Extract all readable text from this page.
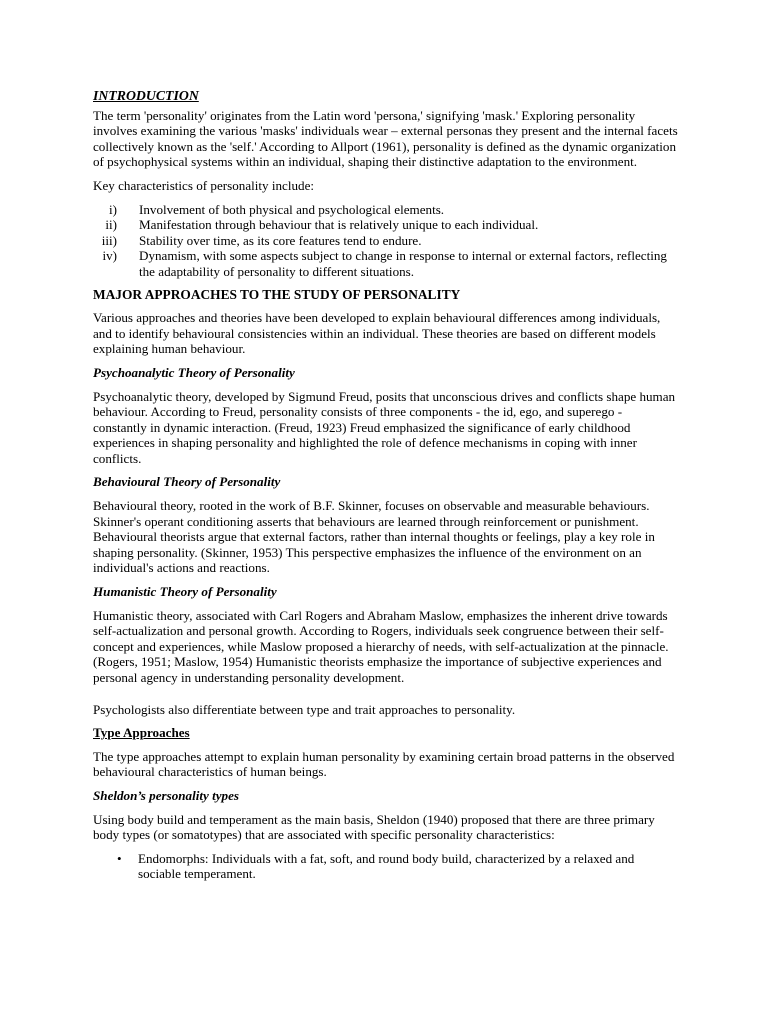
INTRODUCTION

The term 'personality' originates from the Latin word 'persona,' signifying 'mask.' Exploring personality involves examining the various 'masks' individuals wear – external personas they present and the internal facets collectively known as the 'self.' According to Allport (1961), personality is defined as the dynamic organization of psychophysical systems within an individual, shaping their distinctive adaptation to the environment.

Key characteristics of personality include:

i)	Involvement of both physical and psychological elements.
ii)	Manifestation through behaviour that is relatively unique to each individual.
iii)	Stability over time, as its core features tend to endure.
iv)	Dynamism, with some aspects subject to change in response to internal or external factors, reflecting the adaptability of personality to different situations.

MAJOR APPROACHES TO THE STUDY OF PERSONALITY

Various approaches and theories have been developed to explain behavioural differences among individuals, and to identify behavioural consistencies within an individual. These theories are based on different models explaining human behaviour.

Psychoanalytic Theory of Personality

Psychoanalytic theory, developed by Sigmund Freud, posits that unconscious drives and conflicts shape human behaviour. According to Freud, personality consists of three components - the id, ego, and superego - constantly in dynamic interaction. (Freud, 1923) Freud emphasized the significance of early childhood experiences in shaping personality and highlighted the role of defence mechanisms in coping with inner conflicts.

Behavioural Theory of Personality

Behavioural theory, rooted in the work of B.F. Skinner, focuses on observable and measurable behaviours. Skinner's operant conditioning asserts that behaviours are learned through reinforcement or punishment. Behavioural theorists argue that external factors, rather than internal thoughts or feelings, play a key role in shaping personality. (Skinner, 1953) This perspective emphasizes the influence of the environment on an individual's actions and reactions.

Humanistic Theory of Personality

Humanistic theory, associated with Carl Rogers and Abraham Maslow, emphasizes the inherent drive towards self-actualization and personal growth. According to Rogers, individuals seek congruence between their self-concept and experiences, while Maslow proposed a hierarchy of needs, with self-actualization at the pinnacle. (Rogers, 1951; Maslow, 1954) Humanistic theorists emphasize the importance of subjective experiences and personal agency in understanding personality development.

Psychologists also differentiate between type and trait approaches to personality.

Type Approaches

The type approaches attempt to explain human personality by examining certain broad patterns in the observed behavioural characteristics of human beings.

Sheldon’s personality types

Using body build and temperament as the main basis, Sheldon (1940) proposed that there are three primary body types (or somatotypes) that are associated with specific personality characteristics:

•	Endomorphs: Individuals with a fat, soft, and round body build, characterized by a relaxed and sociable temperament.
